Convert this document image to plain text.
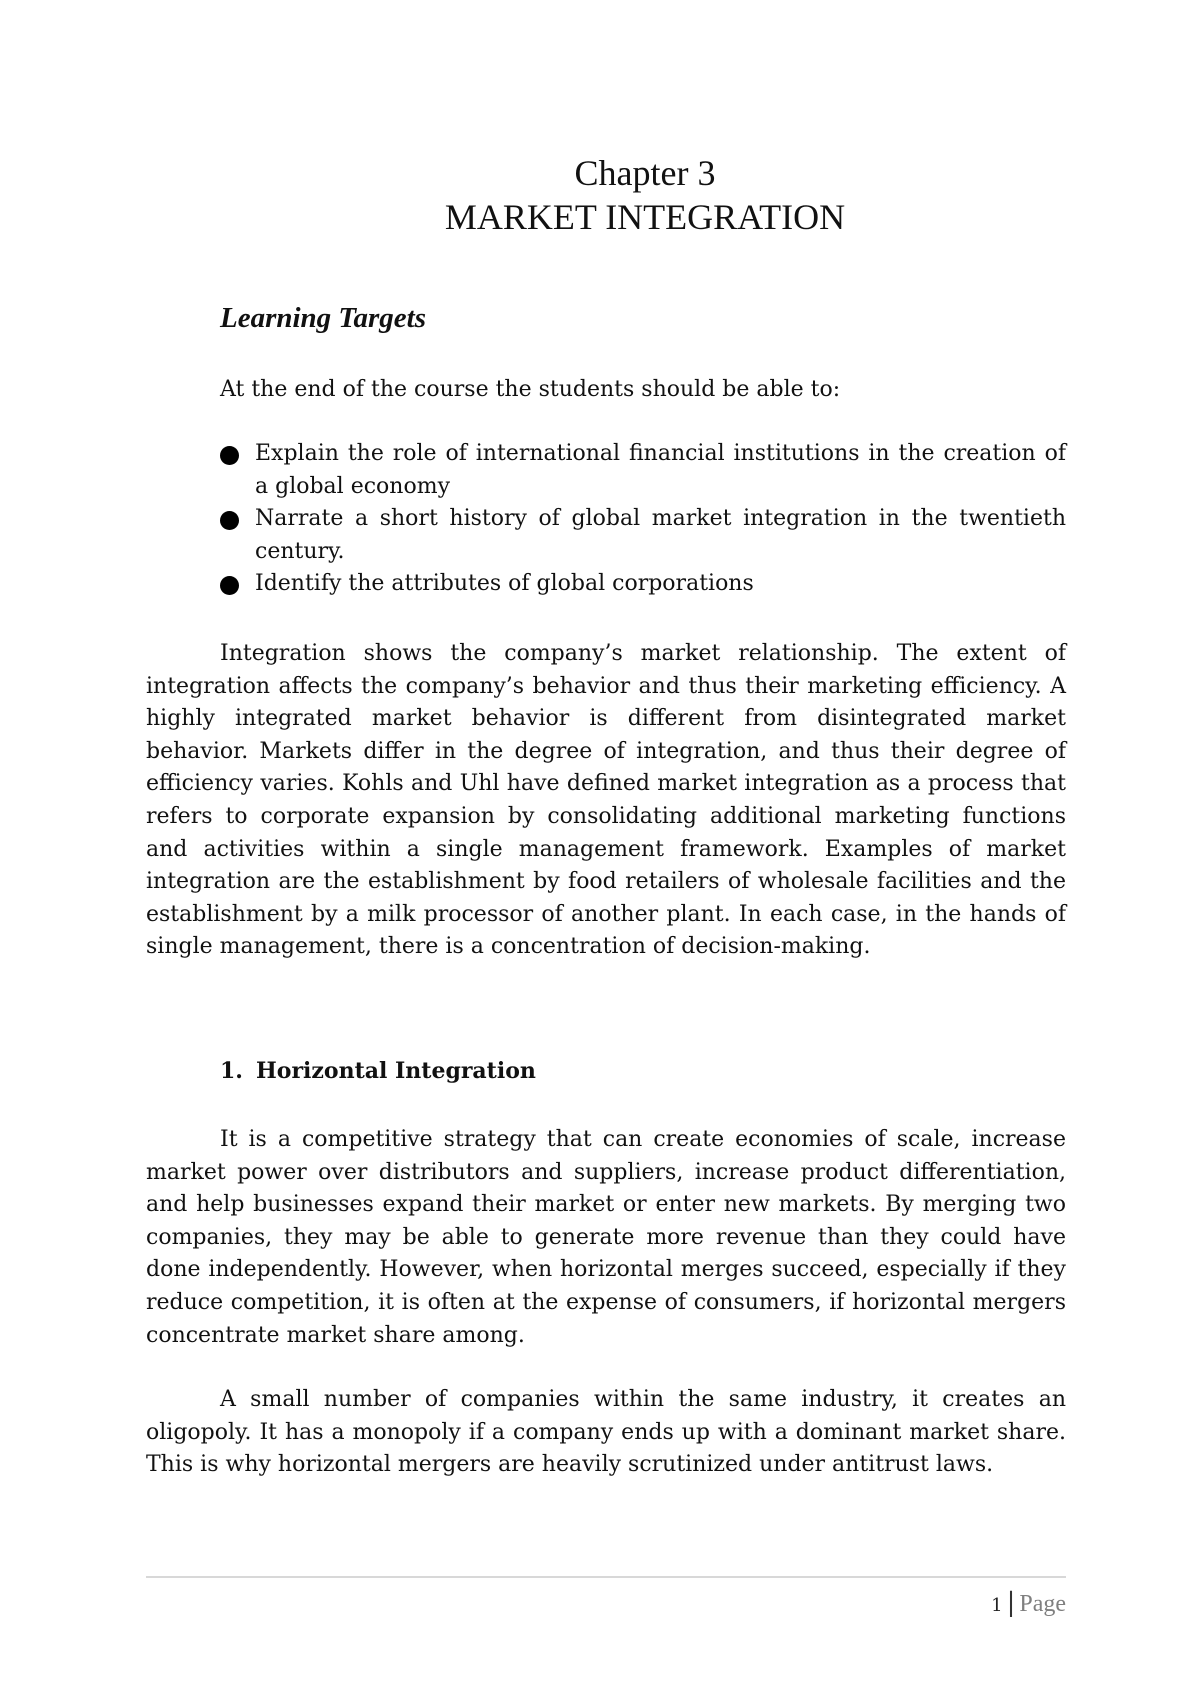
Chapter 3
MARKET INTEGRATION
Learning Targets
At the end of the course the students should be able to:
Explain the role of international financial institutions in the creation of a global economy
Narrate a short history of global market integration in the twentieth century.
Identify the attributes of global corporations

Integration shows the company’s market relationship. The extent of integration affects the company’s behavior and thus their marketing efficiency. A highly integrated market behavior is different from disintegrated market behavior. Markets differ in the degree of integration, and thus their degree of efficiency varies. Kohls and Uhl have defined market integration as a process that refers to corporate expansion by consolidating additional marketing functions and activities within a single management framework. Examples of market integration are the establishment by food retailers of wholesale facilities and the establishment by a milk processor of another plant. In each case, in the hands of single management, there is a concentration of decision-making.

1. Horizontal Integration

It is a competitive strategy that can create economies of scale, increase market power over distributors and suppliers, increase product differentiation, and help businesses expand their market or enter new markets. By merging two companies, they may be able to generate more revenue than they could have done independently. However, when horizontal merges succeed, especially if they reduce competition, it is often at the expense of consumers, if horizontal mergers concentrate market share among.

A small number of companies within the same industry, it creates an oligopoly. It has a monopoly if a company ends up with a dominant market share. This is why horizontal mergers are heavily scrutinized under antitrust laws.

1 | Page
